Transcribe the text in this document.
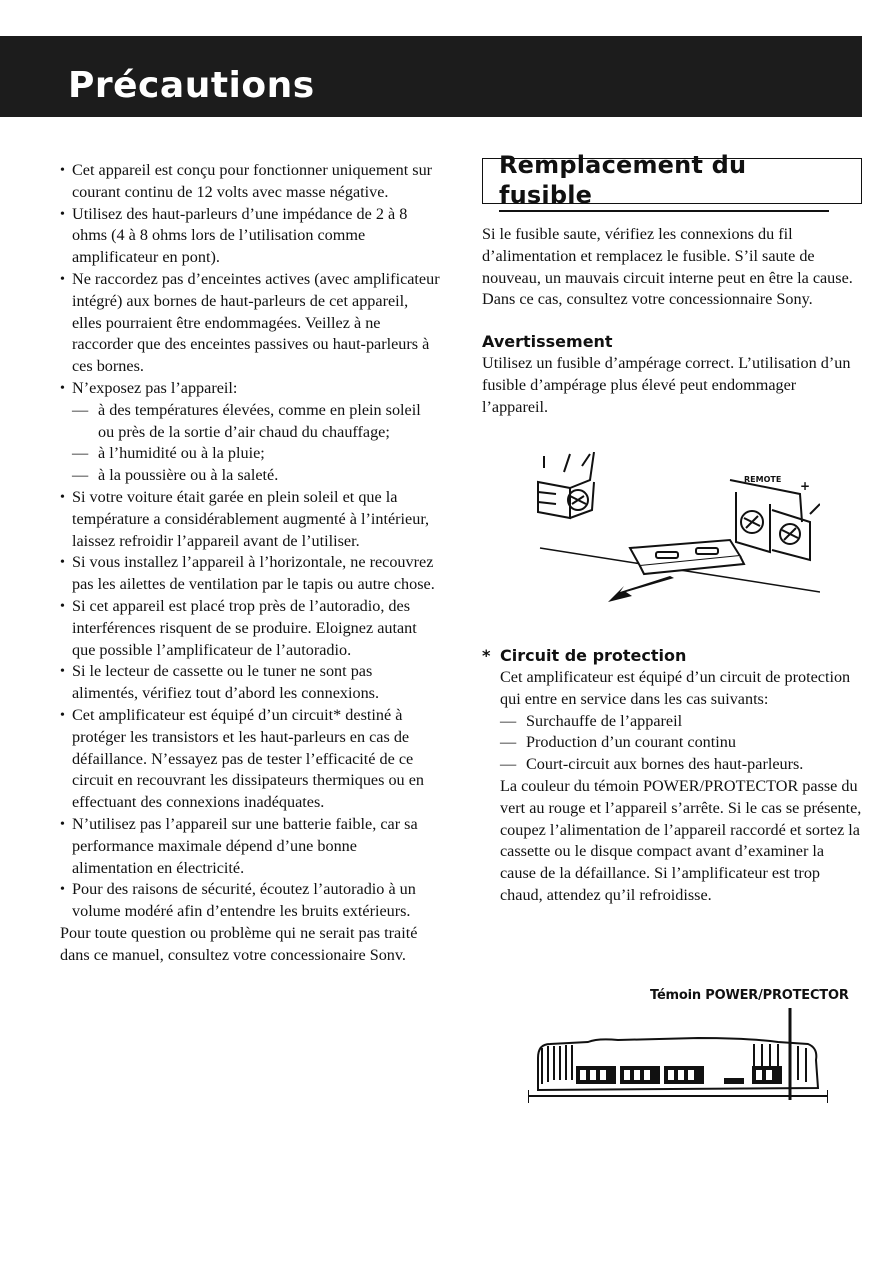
Précautions
• Cet appareil est conçu pour fonctionner uniquement sur courant continu de 12 volts avec masse négative.
• Utilisez des haut-parleurs d’une impédance de 2 à 8 ohms (4 à 8 ohms lors de l’utilisation comme amplificateur en pont).
• Ne raccordez pas d’enceintes actives (avec amplificateur intégré) aux bornes de haut-parleurs de cet appareil, elles pourraient être endommagées. Veillez à ne raccorder que des enceintes passives ou haut-parleurs à ces bornes.
• N’exposez pas l’appareil:
— à des températures élevées, comme en plein soleil ou près de la sortie d’air chaud du chauffage;
— à l’humidité ou à la pluie;
— à la poussière ou à la saleté.
• Si votre voiture était garée en plein soleil et que la température a considérablement augmenté à l’intérieur, laissez refroidir l’appareil avant de l’utiliser.
• Si vous installez l’appareil à l’horizontale, ne recouvrez pas les ailettes de ventilation par le tapis ou autre chose.
• Si cet appareil est placé trop près de l’autoradio, des interférences risquent de se produire. Eloignez autant que possible l’amplificateur de l’autoradio.
• Si le lecteur de cassette ou le tuner ne sont pas alimentés, vérifiez tout d’abord les connexions.
• Cet amplificateur est équipé d’un circuit* destiné à protéger les transistors et les haut-parleurs en cas de défaillance. N’essayez pas de tester l’efficacité de ce circuit en recouvrant les dissipateurs thermiques ou en effectuant des connexions inadéquates.
• N’utilisez pas l’appareil sur une batterie faible, car sa performance maximale dépend d’une bonne alimentation en électricité.
• Pour des raisons de sécurité, écoutez l’autoradio à un volume modéré afin d’entendre les bruits extérieurs.

Pour toute question ou problème qui ne serait pas traité dans ce manuel, consultez votre concessionaire Sonv.

Remplacement du fusible

Si le fusible saute, vérifiez les connexions du fil d’alimentation et remplacez le fusible. S’il saute de nouveau, un mauvais circuit interne peut en être la cause. Dans ce cas, consultez votre concessionnaire Sony.

Avertissement

Utilisez un fusible d’ampérage correct. L’utilisation d’un fusible d’ampérage plus élevé peut endommager l’appareil.

REMOTE +
* Circuit de protection

Cet amplificateur est équipé d’un circuit de protection qui entre en service dans les cas suivants:

— Surchauffe de l’appareil
— Production d’un courant continu
— Court-circuit aux bornes des haut-parleurs.

La couleur du témoin POWER/PROTECTOR passe du vert au rouge et l’appareil s’arrête. Si le cas se présente, coupez l’alimentation de l’appareil raccordé et sortez la cassette ou le disque compact avant d’examiner la cause de la défaillance. Si l’amplificateur est trop chaud, attendez qu’il refroidisse.

Témoin POWER/PROTECTOR
